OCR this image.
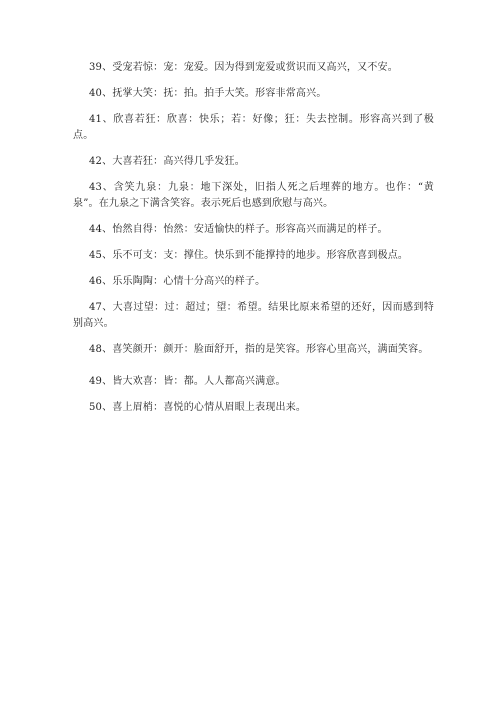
39、受宠若惊：宠：宠爱。因为得到宠爱或赏识而又高兴，又不安。

40、抚掌大笑：抚：拍。拍手大笑。形容非常高兴。

41、欣喜若狂：欣喜：快乐；若：好像；狂：失去控制。形容高兴到了极点。

42、大喜若狂：高兴得几乎发狂。

43、含笑九泉：九泉：地下深处，旧指人死之后埋葬的地方。也作：“黄泉”。在九泉之下满含笑容。表示死后也感到欣慰与高兴。

44、怡然自得：怡然：安适愉快的样子。形容高兴而满足的样子。

45、乐不可支：支：撑住。快乐到不能撑持的地步。形容欣喜到极点。

46、乐乐陶陶：心情十分高兴的样子。

47、大喜过望：过：超过；望：希望。结果比原来希望的还好，因而感到特别高兴。

48、喜笑颜开：颜开：脸面舒开，指的是笑容。形容心里高兴，满面笑容。

49、皆大欢喜：皆：都。人人都高兴满意。

50、喜上眉梢：喜悦的心情从眉眼上表现出来。
